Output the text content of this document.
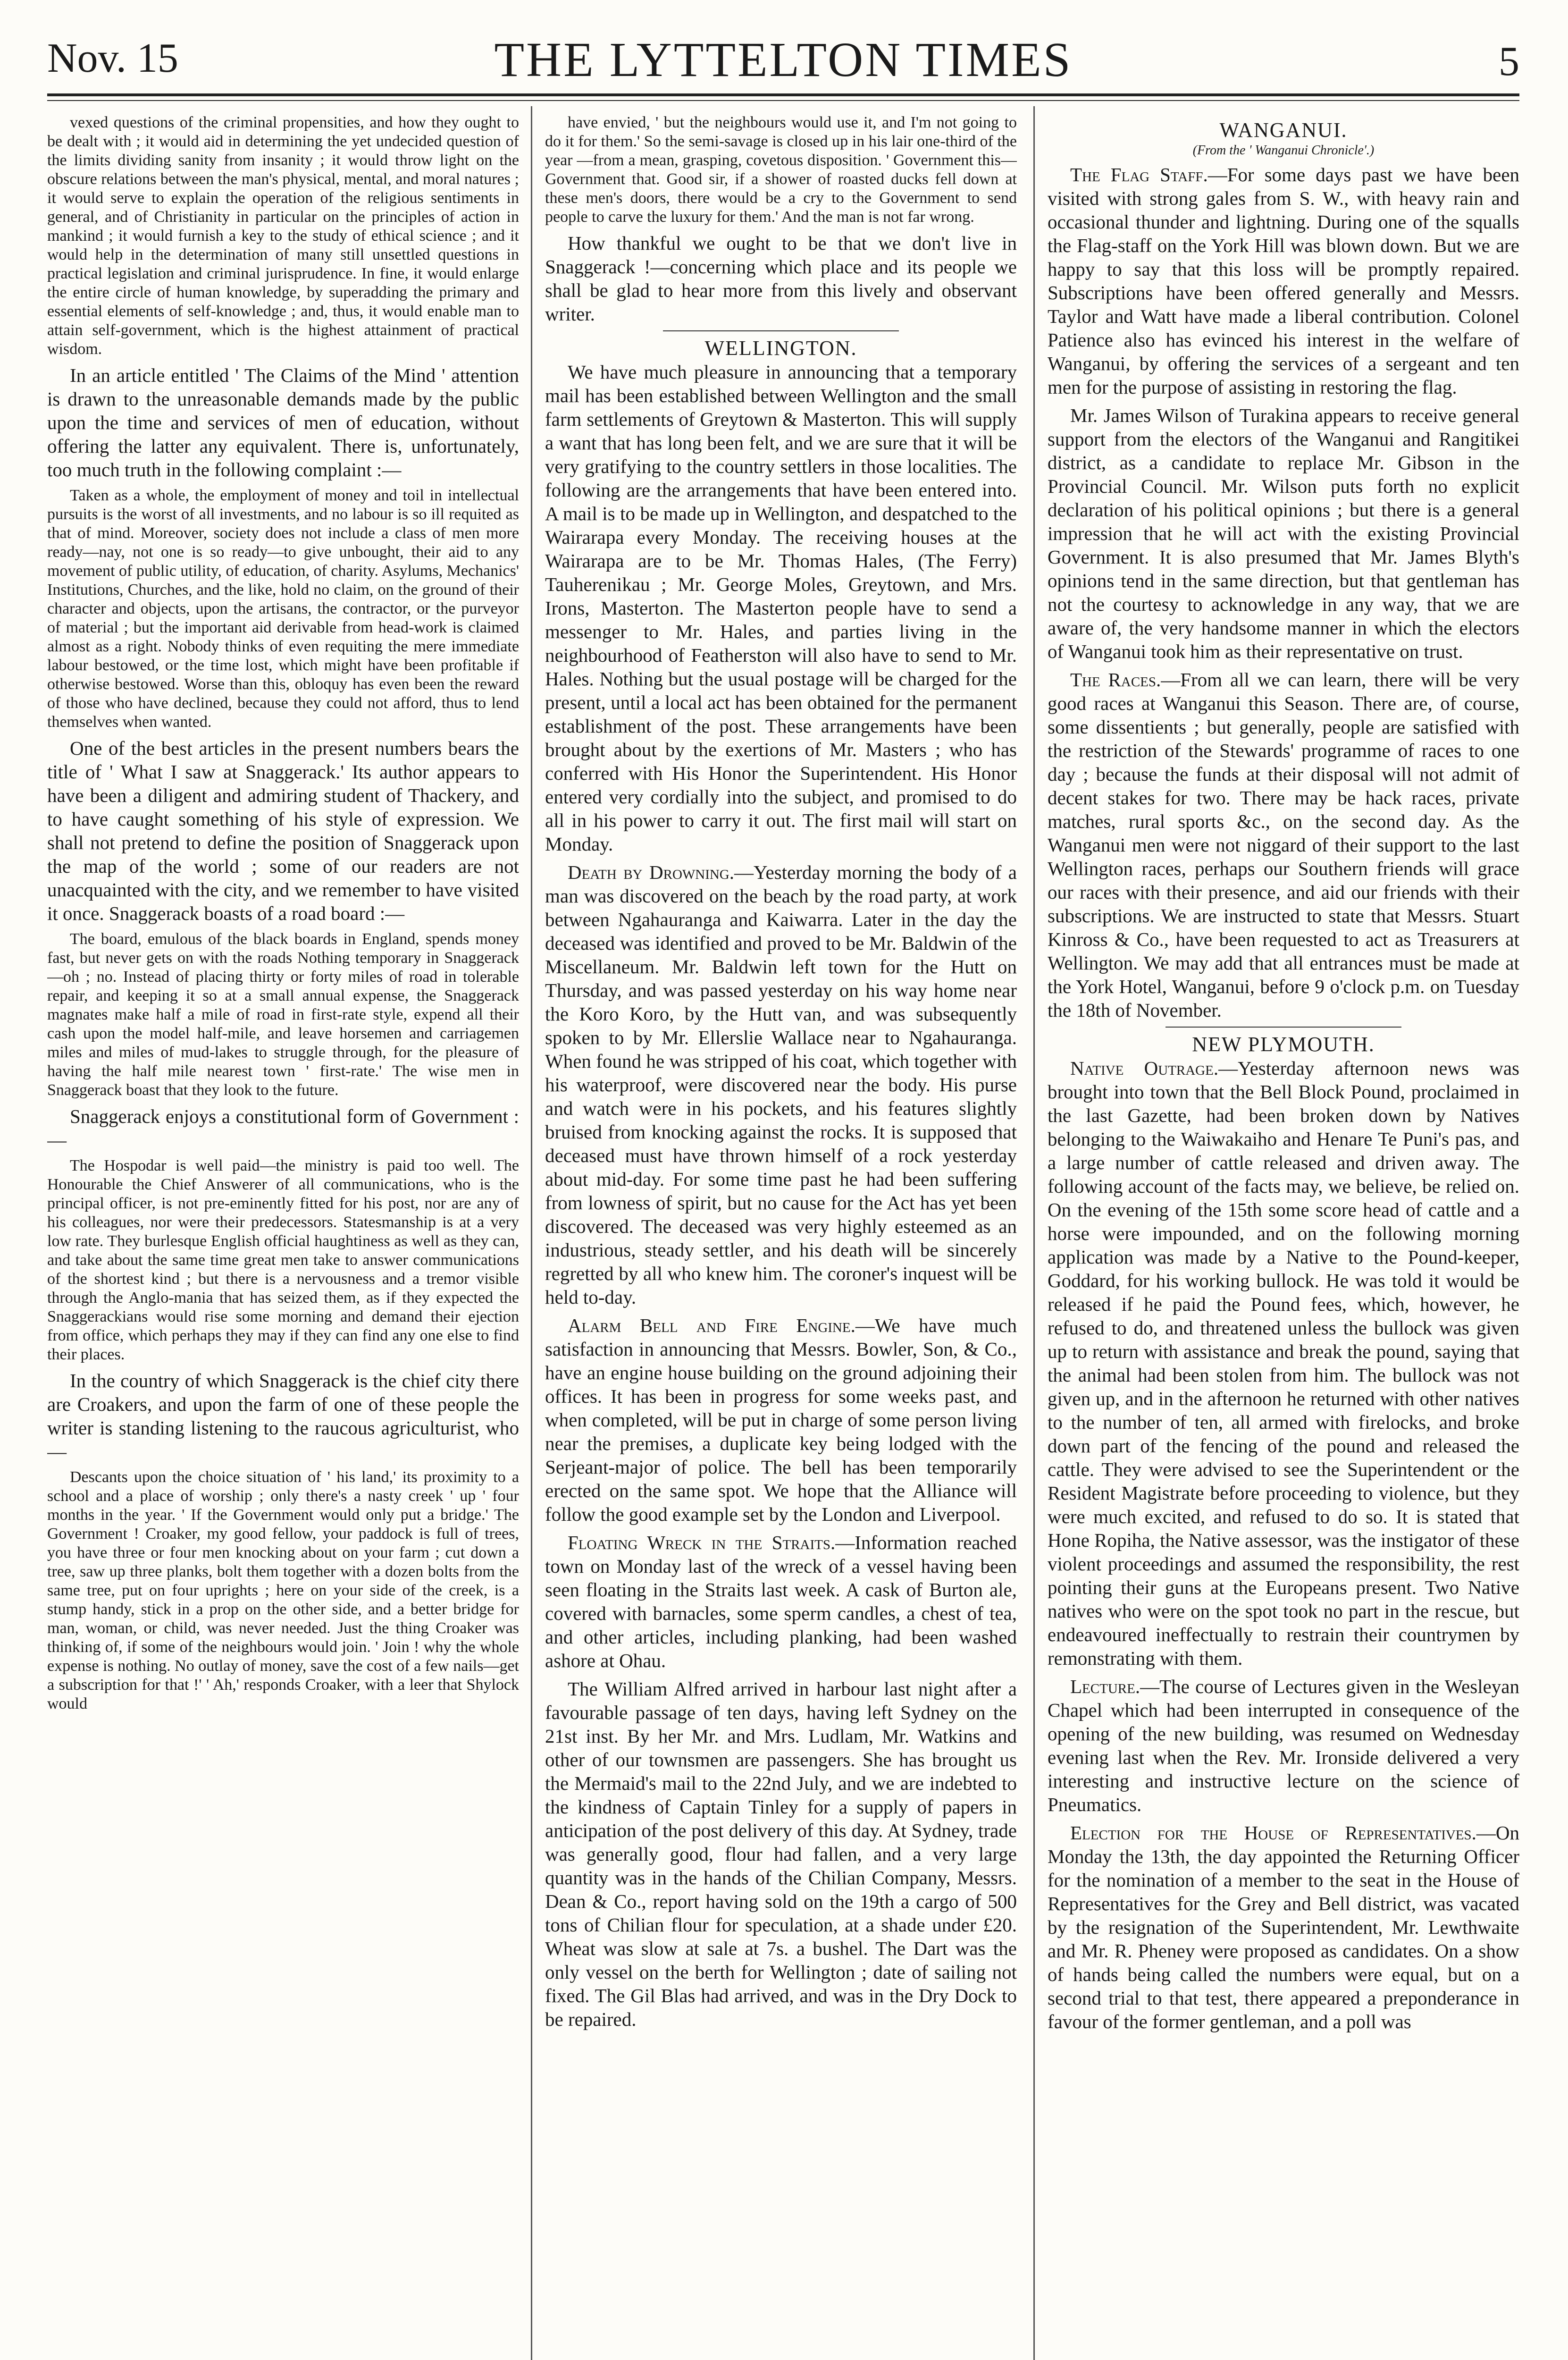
Nov. 15	THE LYTTELTON TIMES	5

vexed questions of the criminal propensities, and how they ought to be dealt with ; it would aid in determining the yet undecided question of the limits dividing sanity from insanity ; it would throw light on the obscure relations between the man's physical, mental, and moral natures ; it would serve to explain the operation of the religious sentiments in general, and of Christianity in particular on the principles of action in mankind ; it would furnish a key to the study of ethical science ; and it would help in the determination of many still unsettled questions in practical legislation and criminal jurisprudence. In fine, it would enlarge the entire circle of human knowledge, by superadding the primary and essential elements of self-knowledge ; and, thus, it would enable man to attain self-government, which is the highest attainment of practical wisdom.

In an article entitled ' The Claims of the Mind ' attention is drawn to the unreasonable demands made by the public upon the time and services of men of education, without offering the latter any equivalent. There is, unfortunately, too much truth in the following complaint :—

Taken as a whole, the employment of money and toil in intellectual pursuits is the worst of all investments, and no labour is so ill requited as that of mind. Moreover, society does not include a class of men more ready—nay, not one is so ready—to give unbought, their aid to any movement of public utility, of education, of charity. Asylums, Mechanics' Institutions, Churches, and the like, hold no claim, on the ground of their character and objects, upon the artisans, the contractor, or the purveyor of material ; but the important aid derivable from head-work is claimed almost as a right. Nobody thinks of even requiting the mere immediate labour bestowed, or the time lost, which might have been profitable if otherwise bestowed. Worse than this, obloquy has even been the reward of those who have declined, because they could not afford, thus to lend themselves when wanted.

One of the best articles in the present numbers bears the title of ' What I saw at Snaggerack.' Its author appears to have been a diligent and admiring student of Thackery, and to have caught something of his style of expression. We shall not pretend to define the position of Snaggerack upon the map of the world ; some of our readers are not unacquainted with the city, and we remember to have visited it once. Snaggerack boasts of a road board :—

The board, emulous of the black boards in England, spends money fast, but never gets on with the roads Nothing temporary in Snaggerack—oh ; no. Instead of placing thirty or forty miles of road in tolerable repair, and keeping it so at a small annual expense, the Snaggerack magnates make half a mile of road in first-rate style, expend all their cash upon the model half-mile, and leave horsemen and carriagemen miles and miles of mud-lakes to struggle through, for the pleasure of having the half mile nearest town ' first-rate.' The wise men in Snaggerack boast that they look to the future.

Snaggerack enjoys a constitutional form of Government :—

The Hospodar is well paid—the ministry is paid too well. The Honourable the Chief Answerer of all communications, who is the principal officer, is not pre-eminently fitted for his post, nor are any of his colleagues, nor were their predecessors. Statesmanship is at a very low rate. They burlesque English official haughtiness as well as they can, and take about the same time great men take to answer communications of the shortest kind ; but there is a nervousness and a tremor visible through the Anglo-mania that has seized them, as if they expected the Snaggerackians would rise some morning and demand their ejection from office, which perhaps they may if they can find any one else to find their places.

In the country of which Snaggerack is the chief city there are Croakers, and upon the farm of one of these people the writer is standing listening to the raucous agriculturist, who—

Descants upon the choice situation of ' his land,' its proximity to a school and a place of worship ; only there's a nasty creek ' up ' four months in the year. ' If the Government would only put a bridge.' The Government ! Croaker, my good fellow, your paddock is full of trees, you have three or four men knocking about on your farm ; cut down a tree, saw up three planks, bolt them together with a dozen bolts from the same tree, put on four uprights ; here on your side of the creek, is a stump handy, stick in a prop on the other side, and a better bridge for man, woman, or child, was never needed. Just the thing Croaker was thinking of, if some of the neighbours would join. ' Join ! why the whole expense is nothing. No outlay of money, save the cost of a few nails—get a subscription for that !' ' Ah,' responds Croaker, with a leer that Shylock would

have envied, ' but the neighbours would use it, and I'm not going to do it for them.' So the semi-savage is closed up in his lair one-third of the year —from a mean, grasping, covetous disposition. ' Government this—Government that. Good sir, if a shower of roasted ducks fell down at these men's doors, there would be a cry to the Government to send people to carve the luxury for them.' And the man is not far wrong.

How thankful we ought to be that we don't live in Snaggerack !—concerning which place and its people we shall be glad to hear more from this lively and observant writer.

WELLINGTON.

We have much pleasure in announcing that a temporary mail has been established between Wellington and the small farm settlements of Greytown & Masterton. This will supply a want that has long been felt, and we are sure that it will be very gratifying to the country settlers in those localities. The following are the arrangements that have been entered into. A mail is to be made up in Wellington, and despatched to the Wairarapa every Monday. The receiving houses at the Wairarapa are to be Mr. Thomas Hales, (The Ferry) Tauherenikau ; Mr. George Moles, Greytown, and Mrs. Irons, Masterton. The Masterton people have to send a messenger to Mr. Hales, and parties living in the neighbourhood of Featherston will also have to send to Mr. Hales. Nothing but the usual postage will be charged for the present, until a local act has been obtained for the permanent establishment of the post. These arrangements have been brought about by the exertions of Mr. Masters ; who has conferred with His Honor the Superintendent. His Honor entered very cordially into the subject, and promised to do all in his power to carry it out. The first mail will start on Monday.

Death by Drowning.—Yesterday morning the body of a man was discovered on the beach by the road party, at work between Ngahauranga and Kaiwarra. Later in the day the deceased was identified and proved to be Mr. Baldwin of the Miscellaneum. Mr. Baldwin left town for the Hutt on Thursday, and was passed yesterday on his way home near the Koro Koro, by the Hutt van, and was subsequently spoken to by Mr. Ellerslie Wallace near to Ngahauranga. When found he was stripped of his coat, which together with his waterproof, were discovered near the body. His purse and watch were in his pockets, and his features slightly bruised from knocking against the rocks. It is supposed that deceased must have thrown himself of a rock yesterday about mid-day. For some time past he had been suffering from lowness of spirit, but no cause for the Act has yet been discovered. The deceased was very highly esteemed as an industrious, steady settler, and his death will be sincerely regretted by all who knew him. The coroner's inquest will be held to-day.

Alarm Bell and Fire Engine.—We have much satisfaction in announcing that Messrs. Bowler, Son, & Co., have an engine house building on the ground adjoining their offices. It has been in progress for some weeks past, and when completed, will be put in charge of some person living near the premises, a duplicate key being lodged with the Serjeant-major of police. The bell has been temporarily erected on the same spot. We hope that the Alliance will follow the good example set by the London and Liverpool.

Floating Wreck in the Straits.—Information reached town on Monday last of the wreck of a vessel having been seen floating in the Straits last week. A cask of Burton ale, covered with barnacles, some sperm candles, a chest of tea, and other articles, including planking, had been washed ashore at Ohau.

The William Alfred arrived in harbour last night after a favourable passage of ten days, having left Sydney on the 21st inst. By her Mr. and Mrs. Ludlam, Mr. Watkins and other of our townsmen are passengers. She has brought us the Mermaid's mail to the 22nd July, and we are indebted to the kindness of Captain Tinley for a supply of papers in anticipation of the post delivery of this day. At Sydney, trade was generally good, flour had fallen, and a very large quantity was in the hands of the Chilian Company, Messrs. Dean & Co., report having sold on the 19th a cargo of 500 tons of Chilian flour for speculation, at a shade under £20. Wheat was slow at sale at 7s. a bushel. The Dart was the only vessel on the berth for Wellington ; date of sailing not fixed. The Gil Blas had arrived, and was in the Dry Dock to be repaired.

WANGANUI.

(From the ' Wanganui Chronicle'.)

The Flag Staff.—For some days past we have been visited with strong gales from S. W., with heavy rain and occasional thunder and lightning. During one of the squalls the Flag-staff on the York Hill was blown down. But we are happy to say that this loss will be promptly repaired. Subscriptions have been offered generally and Messrs. Taylor and Watt have made a liberal contribution. Colonel Patience also has evinced his interest in the welfare of Wanganui, by offering the services of a sergeant and ten men for the purpose of assisting in restoring the flag.

Mr. James Wilson of Turakina appears to receive general support from the electors of the Wanganui and Rangitikei district, as a candidate to replace Mr. Gibson in the Provincial Council. Mr. Wilson puts forth no explicit declaration of his political opinions ; but there is a general impression that he will act with the existing Provincial Government. It is also presumed that Mr. James Blyth's opinions tend in the same direction, but that gentleman has not the courtesy to acknowledge in any way, that we are aware of, the very handsome manner in which the electors of Wanganui took him as their representative on trust.

The Races.—From all we can learn, there will be very good races at Wanganui this Season. There are, of course, some dissentients ; but generally, people are satisfied with the restriction of the Stewards' programme of races to one day ; because the funds at their disposal will not admit of decent stakes for two. There may be hack races, private matches, rural sports &c., on the second day. As the Wanganui men were not niggard of their support to the last Wellington races, perhaps our Southern friends will grace our races with their presence, and aid our friends with their subscriptions. We are instructed to state that Messrs. Stuart Kinross & Co., have been requested to act as Treasurers at Wellington. We may add that all entrances must be made at the York Hotel, Wanganui, before 9 o'clock p.m. on Tuesday the 18th of November.

NEW PLYMOUTH.

Native Outrage.—Yesterday afternoon news was brought into town that the Bell Block Pound, proclaimed in the last Gazette, had been broken down by Natives belonging to the Waiwakaiho and Henare Te Puni's pas, and a large number of cattle released and driven away. The following account of the facts may, we believe, be relied on. On the evening of the 15th some score head of cattle and a horse were impounded, and on the following morning application was made by a Native to the Pound-keeper, Goddard, for his working bullock. He was told it would be released if he paid the Pound fees, which, however, he refused to do, and threatened unless the bullock was given up to return with assistance and break the pound, saying that the animal had been stolen from him. The bullock was not given up, and in the afternoon he returned with other natives to the number of ten, all armed with firelocks, and broke down part of the fencing of the pound and released the cattle. They were advised to see the Superintendent or the Resident Magistrate before proceeding to violence, but they were much excited, and refused to do so. It is stated that Hone Ropiha, the Native assessor, was the instigator of these violent proceedings and assumed the responsibility, the rest pointing their guns at the Europeans present. Two Native natives who were on the spot took no part in the rescue, but endeavoured ineffectually to restrain their countrymen by remonstrating with them.

Lecture.—The course of Lectures given in the Wesleyan Chapel which had been interrupted in consequence of the opening of the new building, was resumed on Wednesday evening last when the Rev. Mr. Ironside delivered a very interesting and instructive lecture on the science of Pneumatics.

Election for the House of Representatives.—On Monday the 13th, the day appointed the Returning Officer for the nomination of a member to the seat in the House of Representatives for the Grey and Bell district, was vacated by the resignation of the Superintendent, Mr. Lewthwaite and Mr. R. Pheney were proposed as candidates. On a show of hands being called the numbers were equal, but on a second trial to that test, there appeared a preponderance in favour of the former gentleman, and a poll was
